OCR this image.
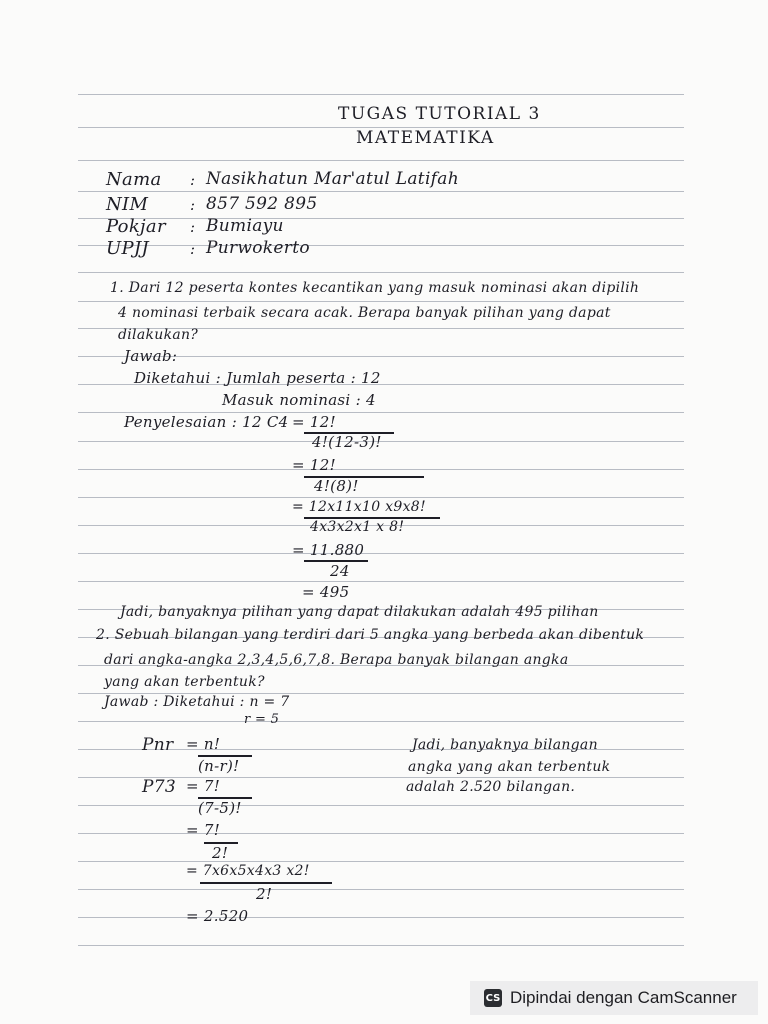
TUGAS TUTORIAL 3
MATEMATIKA
Nama : Nasikhatun Mar'atul Latifah
NIM	: 857 592 895
Pokjar : Bumiayu
UPJJ	: Purwokerto
1. Dari 12 peserta kontes kecantikan yang masuk nominasi akan dipilih
4 nominasi terbaik secara acak. Berapa banyak pilihan yang dapat
dilakukan?
Jawab:
Diketahui : Jumlah peserta : 12
Masuk nominasi : 4
Penyelesaian : 12 C4 = 12!
4!(12-3)!
= 12!
4!(8)!
= 12x11x10 x9x8!
4x3x2x1 x 8!
= 11.880
24
= 495
Jadi, banyaknya pilihan yang dapat dilakukan adalah 495 pilihan
2. Sebuah bilangan yang terdiri dari 5 angka yang berbeda akan dibentuk
dari angka-angka 2,3,4,5,6,7,8. Berapa banyak bilangan angka
yang akan terbentuk?
Jawab : Diketahui : n = 7
r = 5
Pnr = n!
(n-r)!
P73 = 7!
(7-5)!
= 7!
2!
= 7x6x5x4x3 x2!
2!
= 2.520
Jadi, banyaknya bilangan
angka yang akan terbentuk
adalah 2.520 bilangan.
CS Dipindai dengan CamScanner
